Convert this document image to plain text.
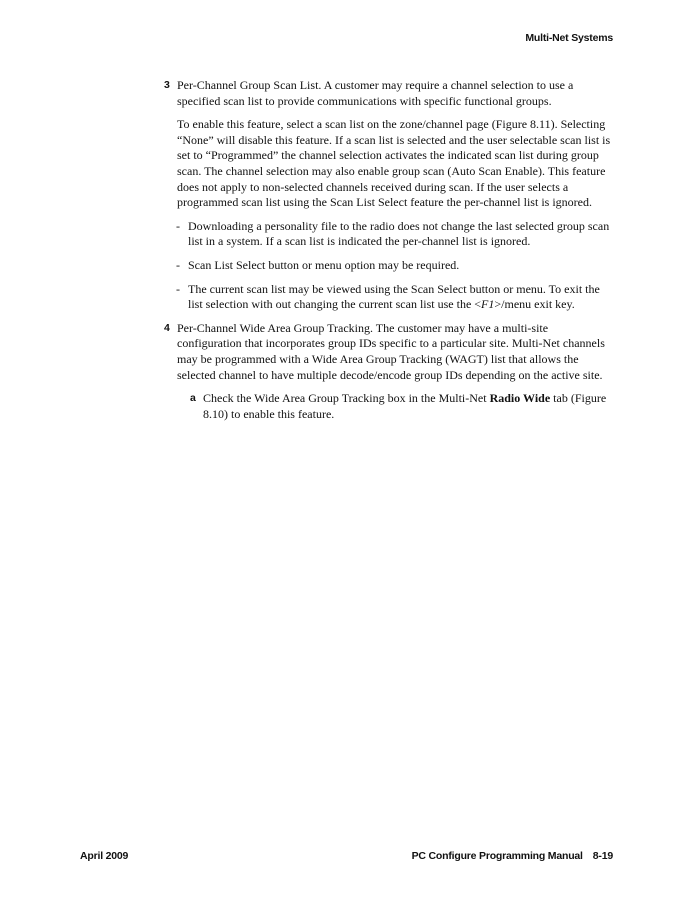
Multi-Net Systems
3 Per-Channel Group Scan List. A customer may require a channel selection to use a specified scan list to provide communications with specific functional groups.

To enable this feature, select a scan list on the zone/channel page (Figure 8.11). Selecting “None” will disable this feature. If a scan list is selected and the user selectable scan list is set to “Programmed” the channel selection activates the indicated scan list during group scan. The channel selection may also enable group scan (Auto Scan Enable). This feature does not apply to non-selected channels received during scan. If the user selects a programmed scan list using the Scan List Select feature the per-channel list is ignored.

- Downloading a personality file to the radio does not change the last selected group scan list in a system. If a scan list is indicated the per-channel list is ignored.
- Scan List Select button or menu option may be required.
- The current scan list may be viewed using the Scan Select button or menu. To exit the list selection with out changing the current scan list use the <F1>/menu exit key.
4 Per-Channel Wide Area Group Tracking. The customer may have a multi-site configuration that incorporates group IDs specific to a particular site. Multi-Net channels may be programmed with a Wide Area Group Tracking (WAGT) list that allows the selected channel to have multiple decode/encode group IDs depending on the active site.
a Check the Wide Area Group Tracking box in the Multi-Net Radio Wide tab (Figure 8.10) to enable this feature.
April 2009	PC Configure Programming Manual 8-19
